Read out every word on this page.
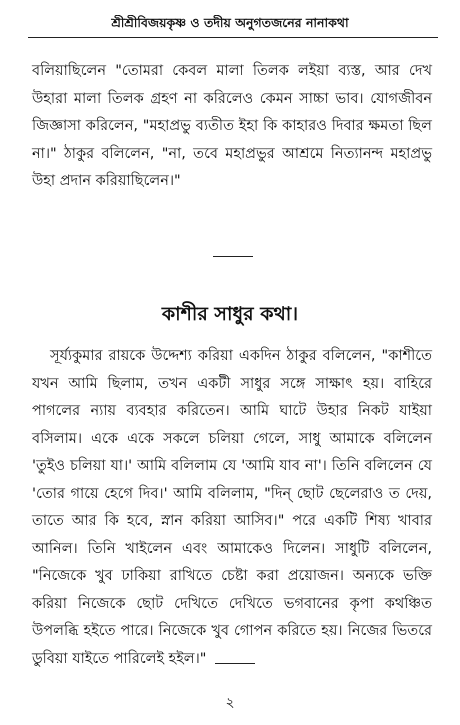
শ্রীশ্রীবিজয়কৃষ্ণ ও তদীয় অনুগতজনের নানাকথা

বলিয়াছিলেন "তোমরা কেবল মালা তিলক লইয়া ব্যস্ত, আর দেখ উহারা মালা তিলক গ্রহণ না করিলেও কেমন সাচ্চা ভাব। যোগজীবন জিজ্ঞাসা করিলেন, "মহাপ্রভু ব্যতীত ইহা কি কাহারও দিবার ক্ষমতা ছিল না।" ঠাকুর বলিলেন, "না, তবে মহাপ্রভুর আশ্রমে নিত্যানন্দ মহাপ্রভু উহা প্রদান করিয়াছিলেন।"

কাশীর সাধুর কথা।

সূর্য্যকুমার রায়কে উদ্দেশ্য করিয়া একদিন ঠাকুর বলিলেন, "কাশীতে যখন আমি ছিলাম, তখন একটী সাধুর সঙ্গে সাক্ষাৎ হয়। বাহিরে পাগলের ন্যায় ব্যবহার করিতেন। আমি ঘাটে উহার নিকট যাইয়া বসিলাম। একে একে সকলে চলিয়া গেলে, সাধু আমাকে বলিলেন 'তুইও চলিয়া যা।' আমি বলিলাম যে 'আমি যাব না'। তিনি বলিলেন যে 'তোর গায়ে হেগে দিব।' আমি বলিলাম, "দিন্ ছোট ছেলেরাও ত দেয়, তাতে আর কি হবে, স্নান করিয়া আসিব।" পরে একটি শিষ্য খাবার আনিল। তিনি খাইলেন এবং আমাকেও দিলেন। সাধুটি বলিলেন, "নিজেকে খুব ঢাকিয়া রাখিতে চেষ্টা করা প্রয়োজন। অন্যকে ভক্তি করিয়া নিজেকে ছোট দেখিতে দেখিতে ভগবানের কৃপা কথঞ্চিত উপলব্ধি হইতে পারে। নিজেকে খুব গোপন করিতে হয়। নিজের ভিতরে ডুবিয়া যাইতে পারিলেই হইল।"

২
